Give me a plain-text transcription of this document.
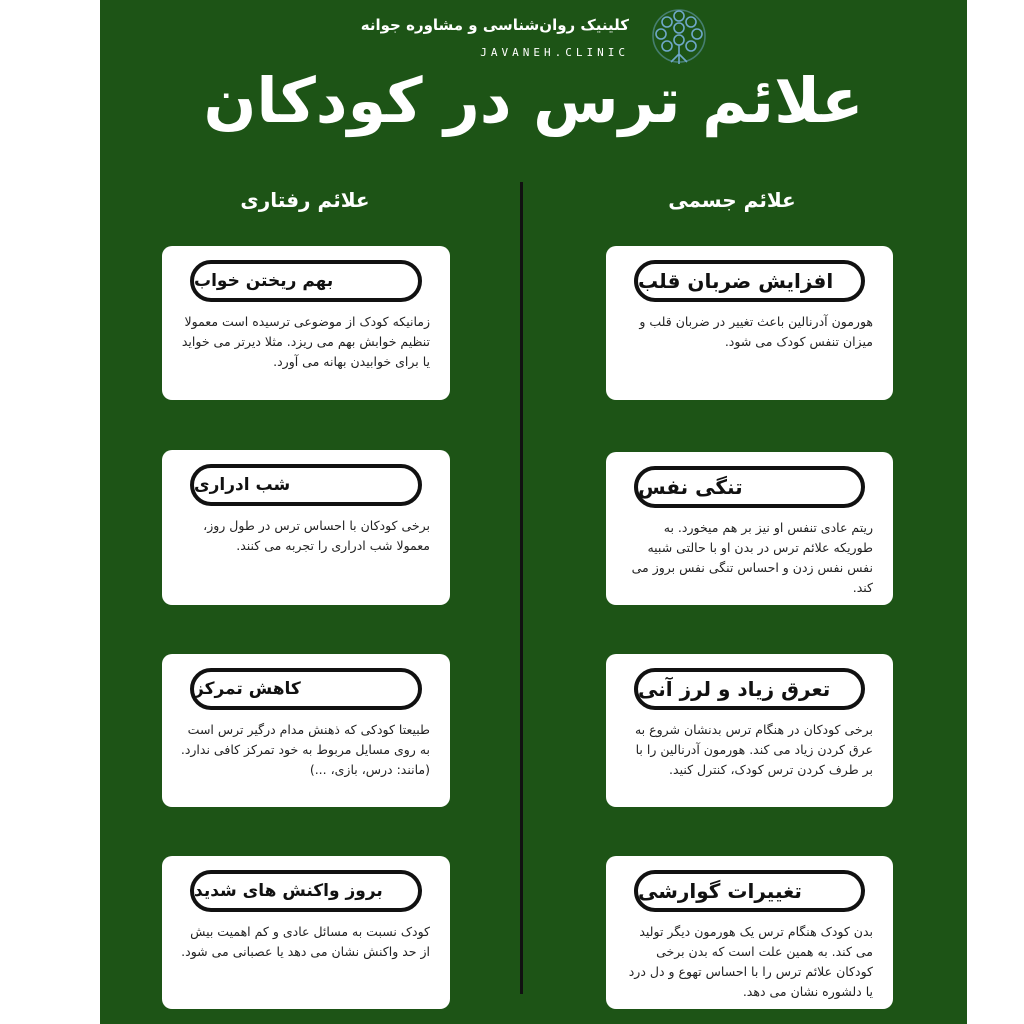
کلینیک روان‌شناسی و مشاوره جوانه
JAVANEH.CLINIC
علائم ترس در کودکان
علائم رفتاری	علائم جسمی
بهم ریختن خواب
زمانیکه کودک از موضوعی ترسیده است معمولا تنظیم خوابش بهم می ریزد. مثلا دیرتر می خواید یا برای خوابیدن بهانه می آورد.
شب ادراری
برخی کودکان با احساس ترس در طول روز، معمولا شب ادراری را تجربه می کنند.
کاهش تمرکز
طبیعتا کودکی که ذهنش مدام درگیر ترس است به روی مسایل مربوط به خود تمرکز کافی ندارد. (مانند: درس، بازی، ...)
بروز واکنش های شدید
کودک نسبت به مسائل عادی و کم اهمیت بیش از حد واکنش نشان می دهد یا عصبانی می شود.
افزایش ضربان قلب
هورمون آدرنالین باعث تغییر در ضربان قلب و میزان تنفس کودک می شود.
تنگی نفس
ریتم عادی تنفس او نیز بر هم میخورد. به طوریکه علائم ترس در بدن او با حالتی شبیه نفس نفس زدن و احساس تنگی نفس بروز می کند.
تعرق زیاد و لرز آنی
برخی کودکان در هنگام ترس بدنشان شروع به عرق کردن زیاد می کند. هورمون آدرنالین را با بر طرف کردن ترس کودک، کنترل کنید.
تغییرات گوارشی
بدن کودک هنگام ترس یک هورمون دیگر تولید می کند. به همین علت است که بدن برخی کودکان علائم ترس را با احساس تهوع و دل درد یا دلشوره نشان می دهد.
